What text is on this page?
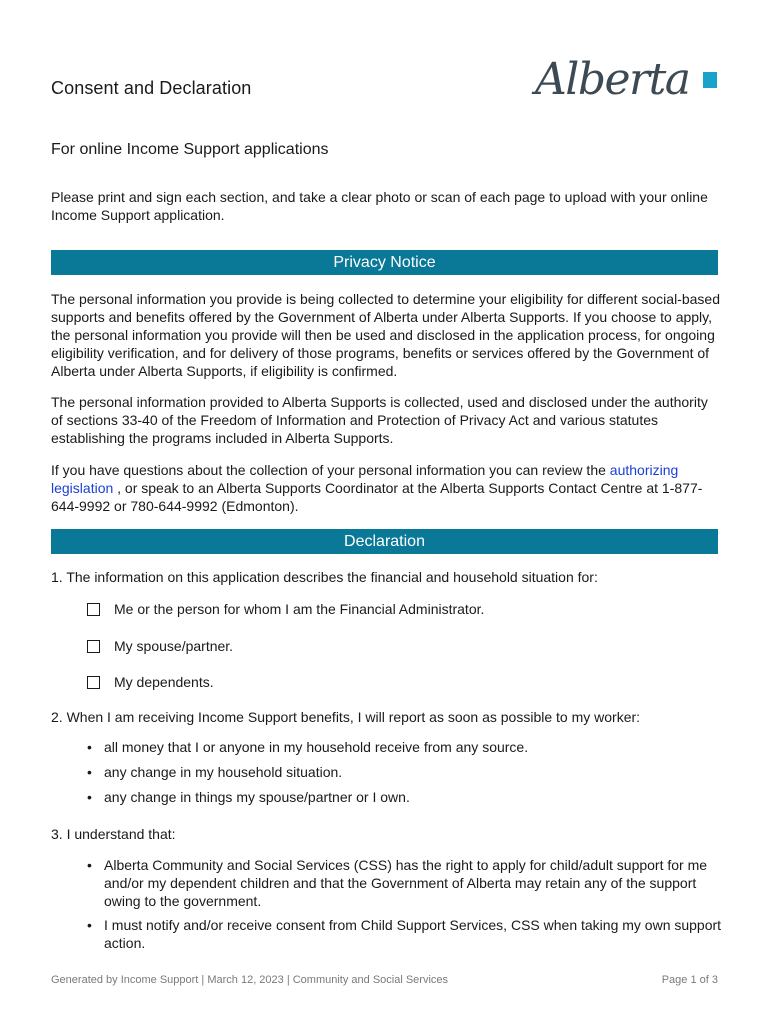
Consent and Declaration	Alberta
For online Income Support applications

Please print and sign each section, and take a clear photo or scan of each page to upload with your online Income Support application.

Privacy Notice

The personal information you provide is being collected to determine your eligibility for different social-based supports and benefits offered by the Government of Alberta under Alberta Supports. If you choose to apply, the personal information you provide will then be used and disclosed in the application process, for ongoing eligibility verification, and for delivery of those programs, benefits or services offered by the Government of Alberta under Alberta Supports, if eligibility is confirmed.

The personal information provided to Alberta Supports is collected, used and disclosed under the authority of sections 33-40 of the Freedom of Information and Protection of Privacy Act and various statutes establishing the programs included in Alberta Supports.

If you have questions about the collection of your personal information you can review the authorizing legislation , or speak to an Alberta Supports Coordinator at the Alberta Supports Contact Centre at 1-877-644-9992 or 780-644-9992 (Edmonton).

Declaration
1. The information on this application describes the financial and household situation for:
Me or the person for whom I am the Financial Administrator.
My spouse/partner.
My dependents.
2. When I am receiving Income Support benefits, I will report as soon as possible to my worker:
• all money that I or anyone in my household receive from any source.
• any change in my household situation.
• any change in things my spouse/partner or I own.
3. I understand that:
• Alberta Community and Social Services (CSS) has the right to apply for child/adult support for me and/or my dependent children and that the Government of Alberta may retain any of the support owing to the government.
• I must notify and/or receive consent from Child Support Services, CSS when taking my own support action.
Generated by Income Support | March 12, 2023 | Community and Social Services	Page 1 of 3
